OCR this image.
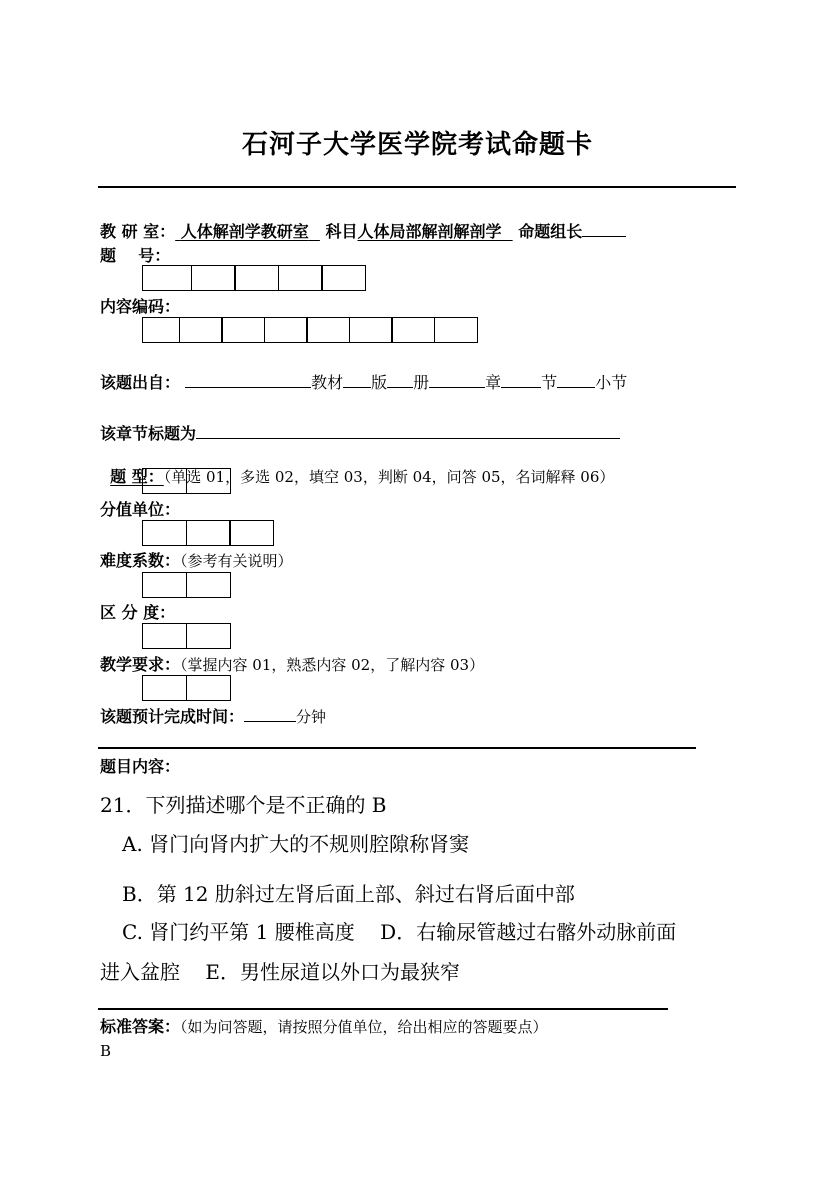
石河子大学医学院考试命题卡
教 研 室： 人体解剖学教研室 科目人体局部解剖解剖学 命题组长
题    号：
内容编码：
该题出自：	教材 版 册	章	节 小节
该章节标题为

题 型：（单选 01，多选 02，填空 03，判断 04，问答 05，名词解释 06）

分值单位：
难度系数：（参考有关说明）
区 分 度：
教学要求：（掌握内容 01，熟悉内容 02，了解内容 03）
该题预计完成时间：	分钟
题目内容：
21．下列描述哪个是不正确的 B
A. 肾门向肾内扩大的不规则腔隙称肾窦
B．第 12 肋斜过左肾后面上部、斜过右肾后面中部
C. 肾门约平第 1 腰椎高度    D．右输尿管越过右髂外动脉前面
进入盆腔    E．男性尿道以外口为最狭窄
标准答案：（如为问答题，请按照分值单位，给出相应的答题要点）
B
